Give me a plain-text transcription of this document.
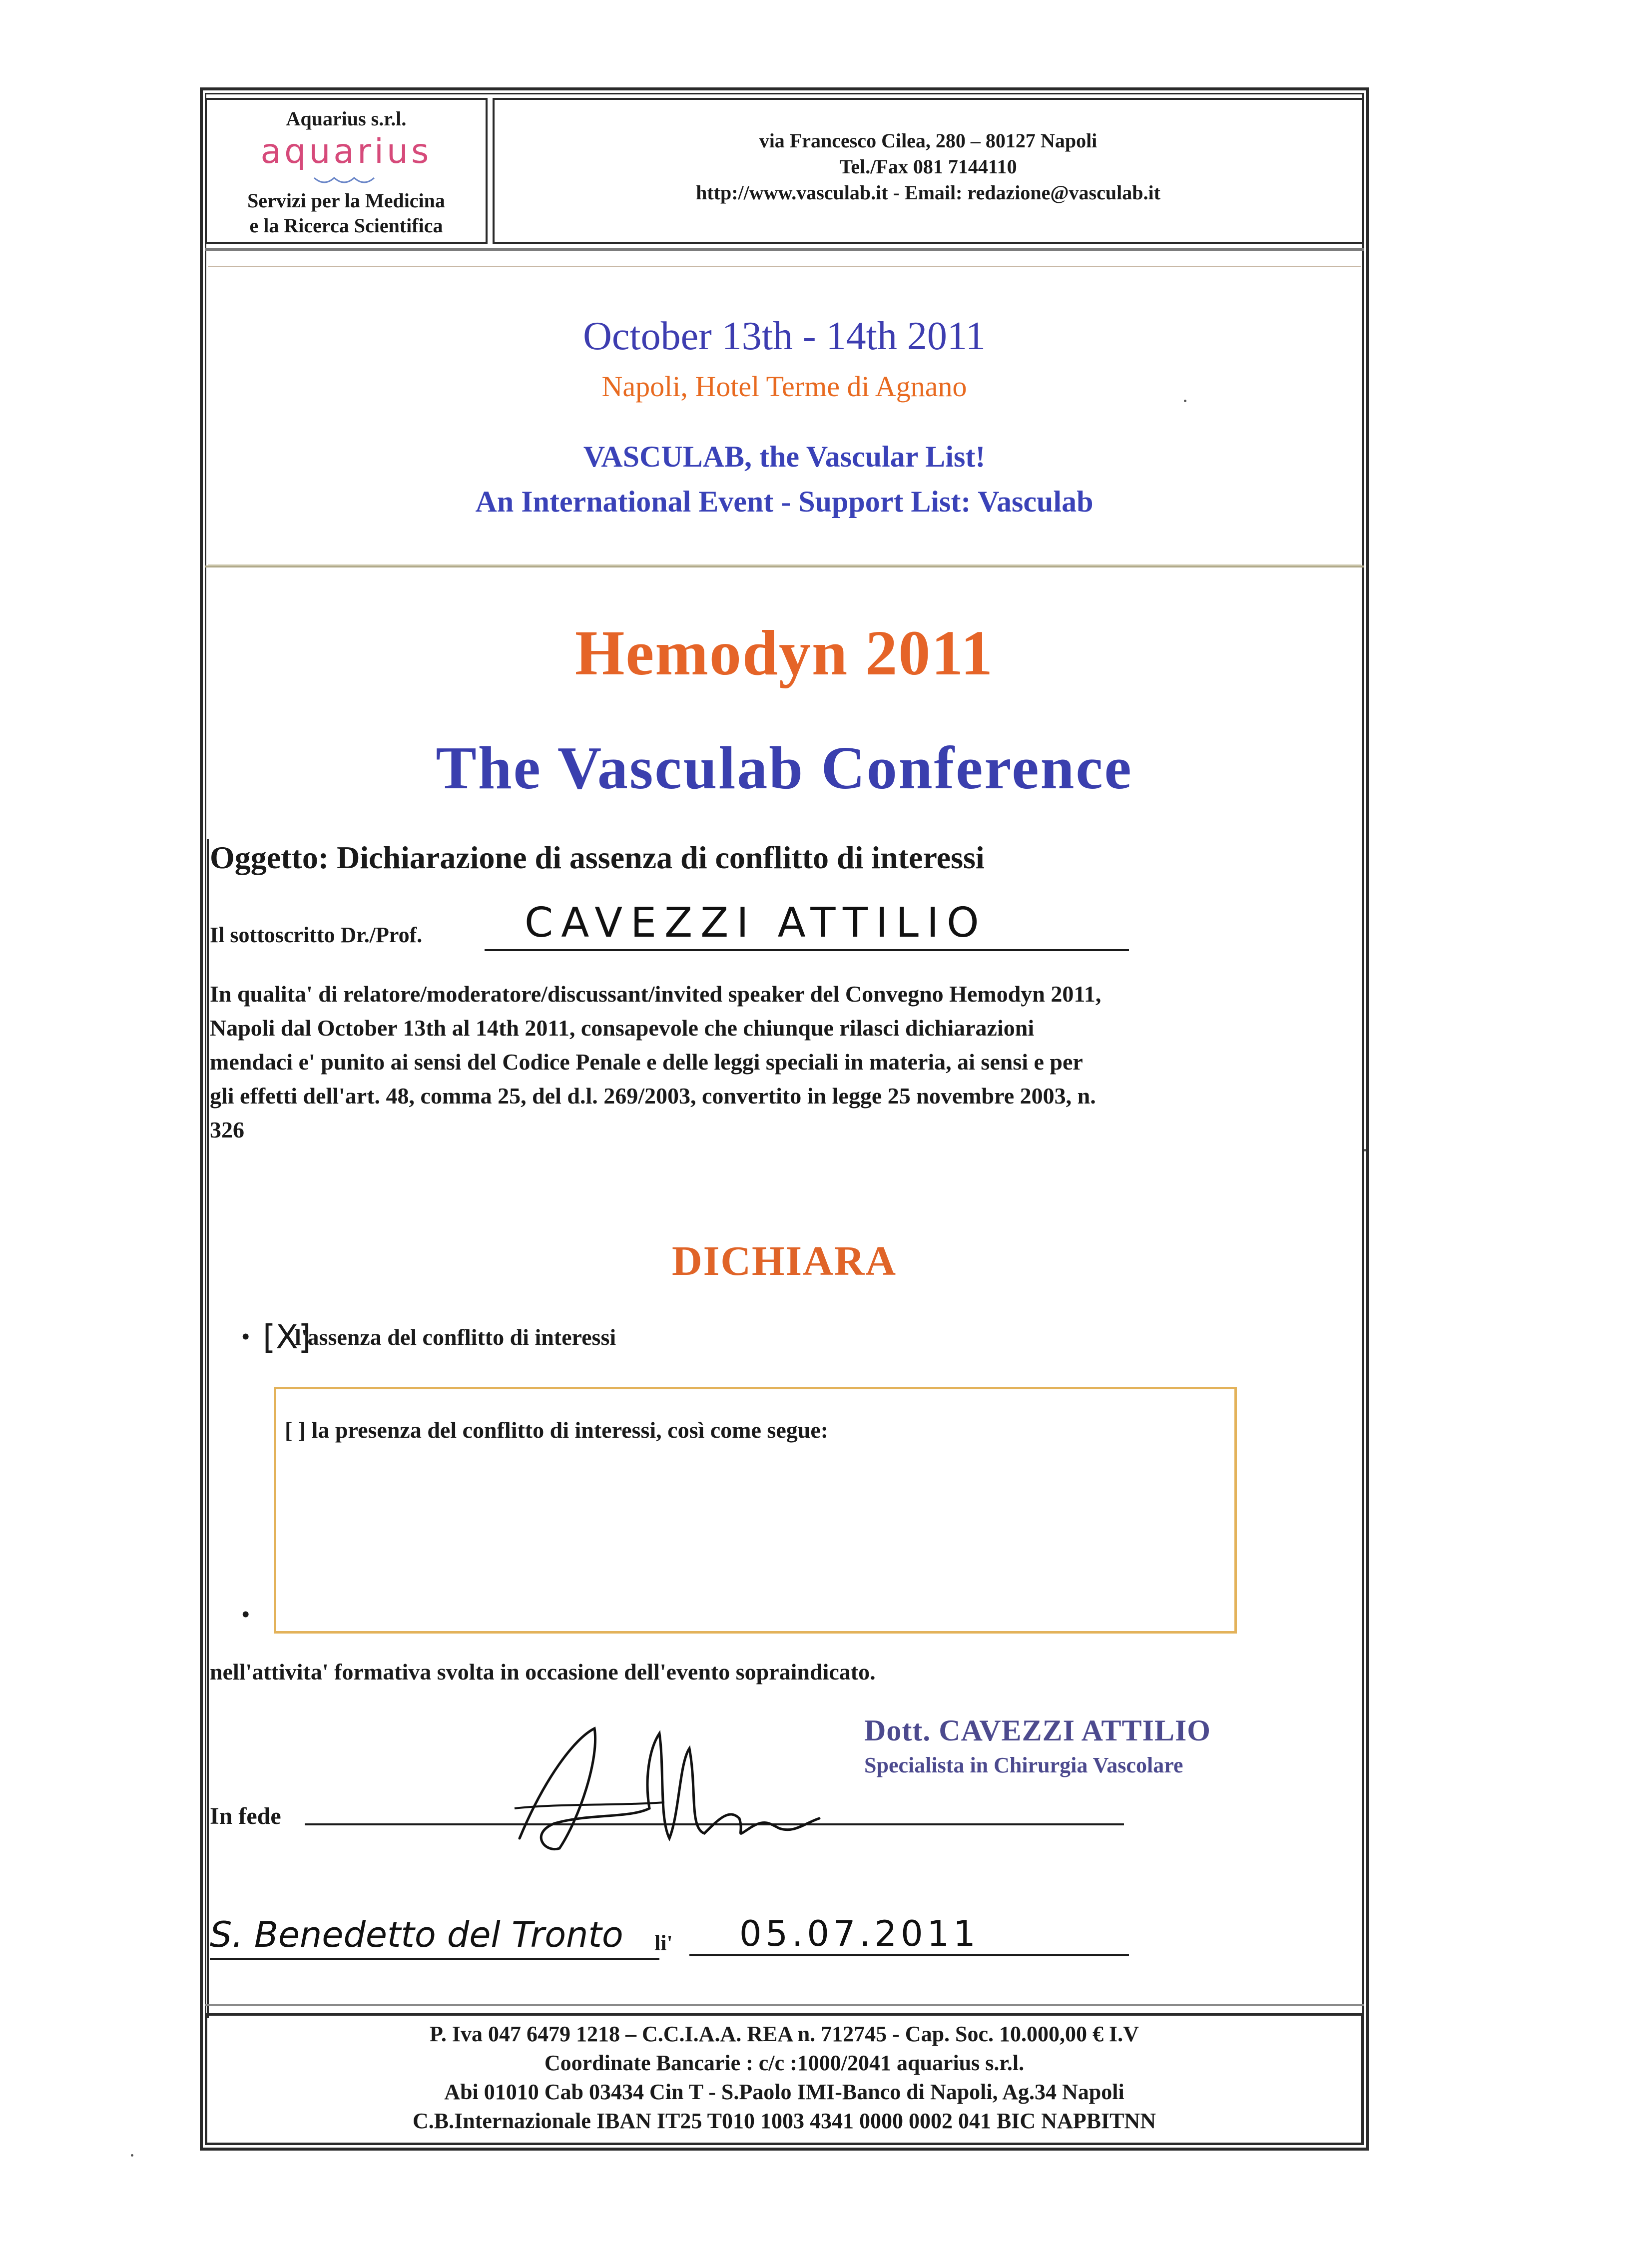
Aquarius s.r.l.
aquarius
Servizi per la Medicina
e la Ricerca Scientifica
via Francesco Cilea, 280 – 80127 Napoli
Tel./Fax 081 7144110
http://www.vasculab.it - Email: redazione@vasculab.it
October 13th - 14th 2011
Napoli, Hotel Terme di Agnano
VASCULAB, the Vascular List!
An International Event - Support List: Vasculab
Hemodyn 2011
The Vasculab Conference
Oggetto: Dichiarazione di assenza di conflitto di interessi
Il sottoscritto Dr./Prof. CAVEZZI ATTILIO
In qualita' di relatore/moderatore/discussant/invited speaker del Convegno Hemodyn 2011,
Napoli dal October 13th al 14th 2011, consapevole che chiunque rilasci dichiarazioni
mendaci e' punito ai sensi del Codice Penale e delle leggi speciali in materia, ai sensi e per
gli effetti dell'art. 48, comma 25, del d.l. 269/2003, convertito in legge 25 novembre 2003, n.
326
DICHIARA
• [X]
l'assenza del conflitto di interessi
[ ] la presenza del conflitto di interessi, così come segue:
•
nell'attivita' formativa svolta in occasione dell'evento sopraindicato.
Dott. CAVEZZI ATTILIO
Specialista in Chirurgia Vascolare
In fede
S. Benedetto del Tronto li' 05.07.2011
P. Iva 047 6479 1218 – C.C.I.A.A. REA n. 712745 - Cap. Soc. 10.000,00 € I.V
Coordinate Bancarie : c/c :1000/2041 aquarius s.r.l.
Abi 01010 Cab 03434 Cin T - S.Paolo IMI-Banco di Napoli, Ag.34 Napoli
C.B.Internazionale IBAN IT25 T010 1003 4341 0000 0002 041 BIC NAPBITNN
